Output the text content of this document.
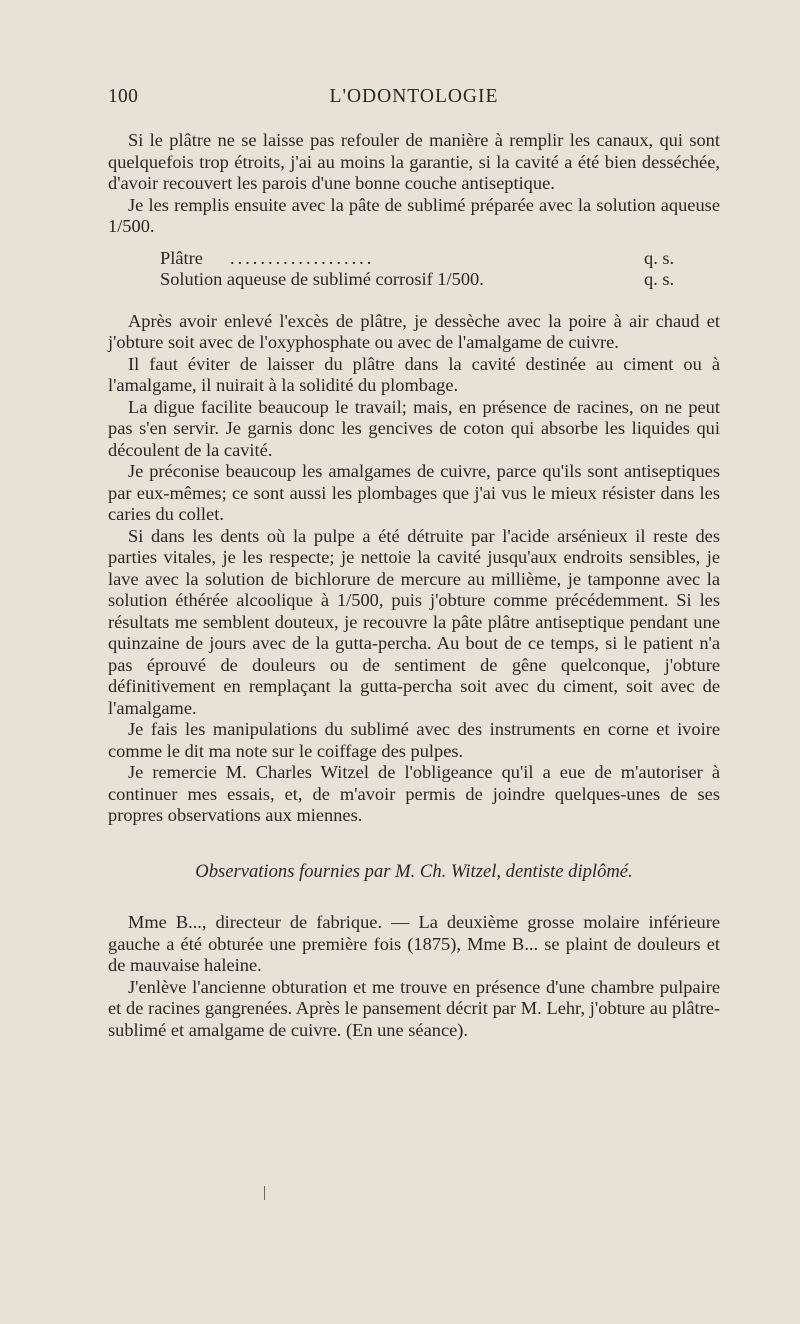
100	L'ODONTOLOGIE

Si le plâtre ne se laisse pas refouler de manière à remplir les canaux, qui sont quelquefois trop étroits, j'ai au moins la garantie, si la cavité a été bien desséchée, d'avoir recouvert les parois d'une bonne couche antiseptique.

Je les remplis ensuite avec la pâte de sublimé préparée avec la solution aqueuse 1/500.

Plâtre ...................	q. s.
Solution aqueuse de sublimé corrosif 1/500.	q. s.

Après avoir enlevé l'excès de plâtre, je dessèche avec la poire à air chaud et j'obture soit avec de l'oxyphosphate ou avec de l'amalgame de cuivre.

Il faut éviter de laisser du plâtre dans la cavité destinée au ciment ou à l'amalgame, il nuirait à la solidité du plombage.

La digue facilite beaucoup le travail; mais, en présence de racines, on ne peut pas s'en servir. Je garnis donc les gencives de coton qui absorbe les liquides qui découlent de la cavité.

Je préconise beaucoup les amalgames de cuivre, parce qu'ils sont antiseptiques par eux-mêmes; ce sont aussi les plombages que j'ai vus le mieux résister dans les caries du collet.

Si dans les dents où la pulpe a été détruite par l'acide arsénieux il reste des parties vitales, je les respecte; je nettoie la cavité jusqu'aux endroits sensibles, je lave avec la solution de bichlorure de mercure au millième, je tamponne avec la solution éthérée alcoolique à 1/500, puis j'obture comme précédemment. Si les résultats me semblent douteux, je recouvre la pâte plâtre antiseptique pendant une quinzaine de jours avec de la gutta-percha. Au bout de ce temps, si le patient n'a pas éprouvé de douleurs ou de sentiment de gêne quelconque, j'obture définitivement en remplaçant la gutta-percha soit avec du ciment, soit avec de l'amalgame.

Je fais les manipulations du sublimé avec des instruments en corne et ivoire comme le dit ma note sur le coiffage des pulpes.

Je remercie M. Charles Witzel de l'obligeance qu'il a eue de m'autoriser à continuer mes essais, et, de m'avoir permis de joindre quelques-unes de ses propres observations aux miennes.

Observations fournies par M. Ch. Witzel, dentiste diplômé.

Mme B..., directeur de fabrique. — La deuxième grosse molaire inférieure gauche a été obturée une première fois (1875), Mme B... se plaint de douleurs et de mauvaise haleine.

J'enlève l'ancienne obturation et me trouve en présence d'une chambre pulpaire et de racines gangrenées. Après le pansement décrit par M. Lehr, j'obture au plâtre-sublimé et amalgame de cuivre. (En une séance).
